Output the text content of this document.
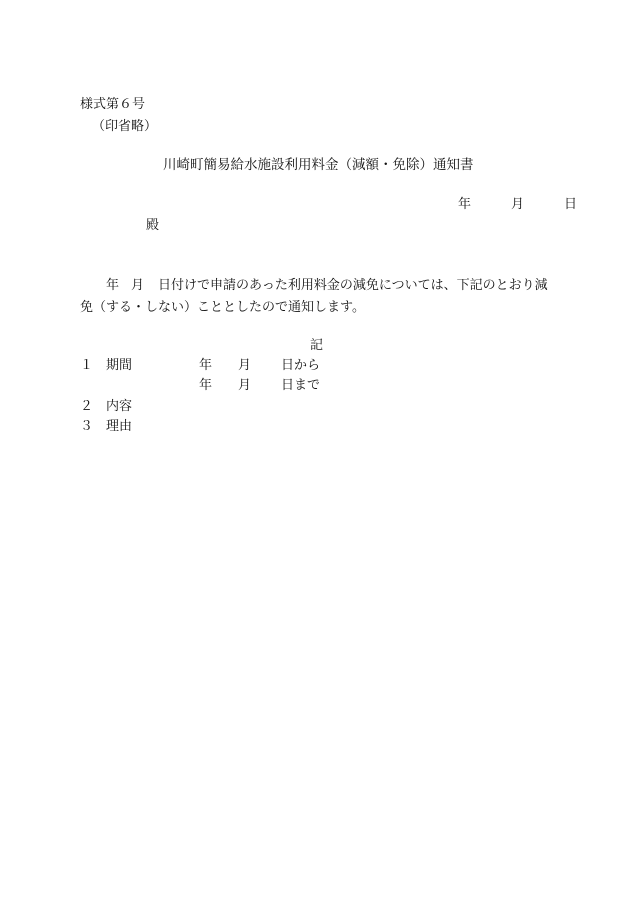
様式第６号
（印省略）
川崎町簡易給水施設利用料金（減額・免除）通知書
年	月	日
殿
年 月 日付けで申請のあった利用料金の減免については、下記のとおり減免（する・しない）こととしたので通知します。
記
１ 期間	年 月 日から
年 月 日まで
２ 内容
３ 理由
